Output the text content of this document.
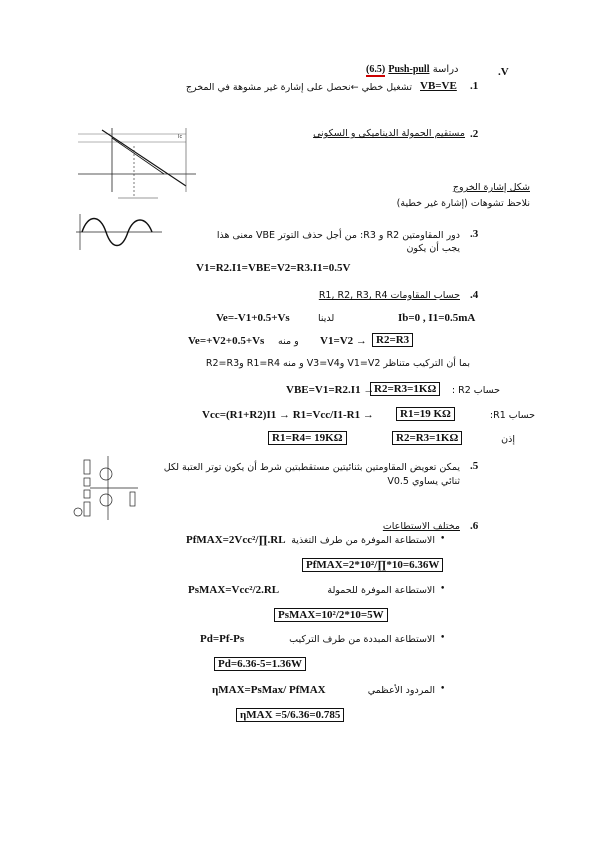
.V
(6.5) Push-pull دراسة
.1
VB=VE
تشغيل خطي ←نحصل على إشارة غير مشوهة في المخرج
Ic	.2
مستقيم الحمولة الديناميكي و السكوني
شكل إشارة الخروج
نلاحظ تشوهات (إشارة غير خطية)
.3
دور المقاومتين R2 و R3: من أجل حذف التوتر VBE معنى هذا
يجب أن يكون
V1=R2.I1=VBE=V2=R3.I1=0.5V
.4
حساب المقاومات R1, R2, R3, R4
Ve=-V1+0.5+Vs	لدينا	Ib=0 , I1=0.5mA
Ve=+V2+0.5+Vs و منه V1=V2 → R2=R3
بما أن التركيب متناظر V1=V2 وV3=V4 و منه R1=R4 وR2=R3
VBE=V1=R2.I1 → R2=R3=1KΩ	حساب R2 :
Vcc=(R1+R2)I1 → R1=Vcc/I1-R1 →	R1=19 KΩ	حساب R1:
R1=R4= 19KΩ	R2=R3=1KΩ	إذن
.5
يمكن تعويض المقاومتين بثنائيتين مستقطبتين شرط أن يكون توتر العتبة لكل
ثنائي يساوي V0.5
.6
مختلف الاستطاعات
•
الاستطاعة الموفرة من طرف التغذية
PfMAX=2Vcc²/∏.RL
PfMAX=2*10²/∏*10=6.36W
•
الاستطاعة الموفرة للحمولة
PsMAX=Vcc²/2.RL
PsMAX=10²/2*10=5W
•
الاستطاعة المبددة من طرف التركيب
Pd=Pf-Ps
Pd=6.36-5=1.36W
•
المردود الأعظمي
ηMAX=PsMax/ PfMAX
ηMAX =5/6.36=0.785
